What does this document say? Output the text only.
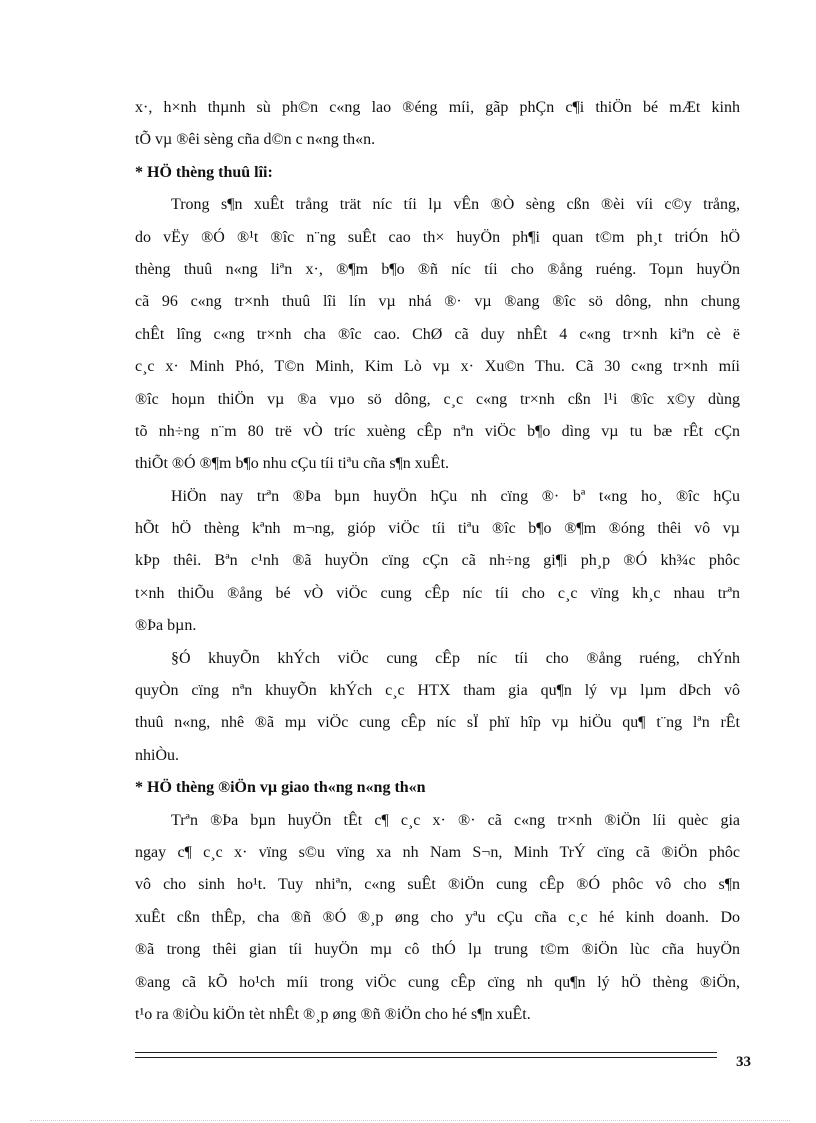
x·, h×nh thµnh sù ph©n c«ng lao ®éng míi, gãp phÇn c¶i thiÖn bé mÆt kinh
tÕ vµ ®êi sèng cña d©n c n«ng th«n.
* HÖ thèng thuû lîi:
Trong s¶n xuÊt trång trät níc tíi lµ vÊn ®Ò sèng cßn ®èi víi c©y trång,
do vËy ®Ó ®¹t ®îc n¨ng suÊt cao th× huyÖn ph¶i quan t©m ph¸t triÓn hÖ
thèng thuû n«ng liªn x·, ®¶m b¶o ®ñ níc tíi cho ®ång ruéng. Toµn huyÖn
cã 96 c«ng tr×nh thuû lîi lín vµ nhá ®· vµ ®ang ®îc sö dông, nhn chung
chÊt lîng c«ng tr×nh cha ®îc cao. ChØ cã duy nhÊt 4 c«ng tr×nh kiªn cè ë
c¸c x· Minh Phó, T©n Minh, Kim Lò vµ x· Xu©n Thu. Cã 30 c«ng tr×nh míi
®îc hoµn thiÖn vµ ®a vµo sö dông, c¸c c«ng tr×nh cßn l¹i ®îc x©y dùng
tõ nh÷ng n¨m 80 trë vÒ tríc xuèng cÊp nªn viÖc b¶o dìng vµ tu bæ rÊt cÇn
thiÕt ®Ó ®¶m b¶o nhu cÇu tíi tiªu cña s¶n xuÊt.
HiÖn nay trªn ®Þa bµn huyÖn hÇu nh cïng ®· bª t«ng ho¸ ®îc hÇu
hÕt hÖ thèng kªnh m¬ng, gióp viÖc tíi tiªu ®îc b¶o ®¶m ®óng thêi vô vµ
kÞp thêi. Bªn c¹nh ®ã huyÖn cïng cÇn cã nh÷ng gi¶i ph¸p ®Ó kh¾c phôc
t×nh thiÕu ®ång bé vÒ viÖc cung cÊp níc tíi cho c¸c vïng kh¸c nhau trªn
®Þa bµn.
§Ó khuyÕn khÝch viÖc cung cÊp níc tíi cho ®ång ruéng, chÝnh
quyÒn cïng nªn khuyÕn khÝch c¸c HTX tham gia qu¶n lý vµ lµm dÞch vô
thuû n«ng, nhê ®ã mµ viÖc cung cÊp níc sÏ phï hîp vµ hiÖu qu¶ t¨ng lªn rÊt
nhiÒu.
* HÖ thèng ®iÖn vµ giao th«ng n«ng th«n
Trªn ®Þa bµn huyÖn tÊt c¶ c¸c x· ®· cã c«ng tr×nh ®iÖn líi quèc gia
ngay c¶ c¸c x· vïng s©u vïng xa nh Nam S¬n, Minh TrÝ cïng cã ®iÖn phôc
vô cho sinh ho¹t. Tuy nhiªn, c«ng suÊt ®iÖn cung cÊp ®Ó phôc vô cho s¶n
xuÊt cßn thÊp, cha ®ñ ®Ó ®¸p øng cho yªu cÇu cña c¸c hé kinh doanh. Do
®ã trong thêi gian tíi huyÖn mµ cô thÓ lµ trung t©m ®iÖn lùc cña huyÖn
®ang cã kÕ ho¹ch míi trong viÖc cung cÊp cïng nh qu¶n lý hÖ thèng ®iÖn,
t¹o ra ®iÒu kiÖn tèt nhÊt ®¸p øng ®ñ ®iÖn cho hé s¶n xuÊt.
33
